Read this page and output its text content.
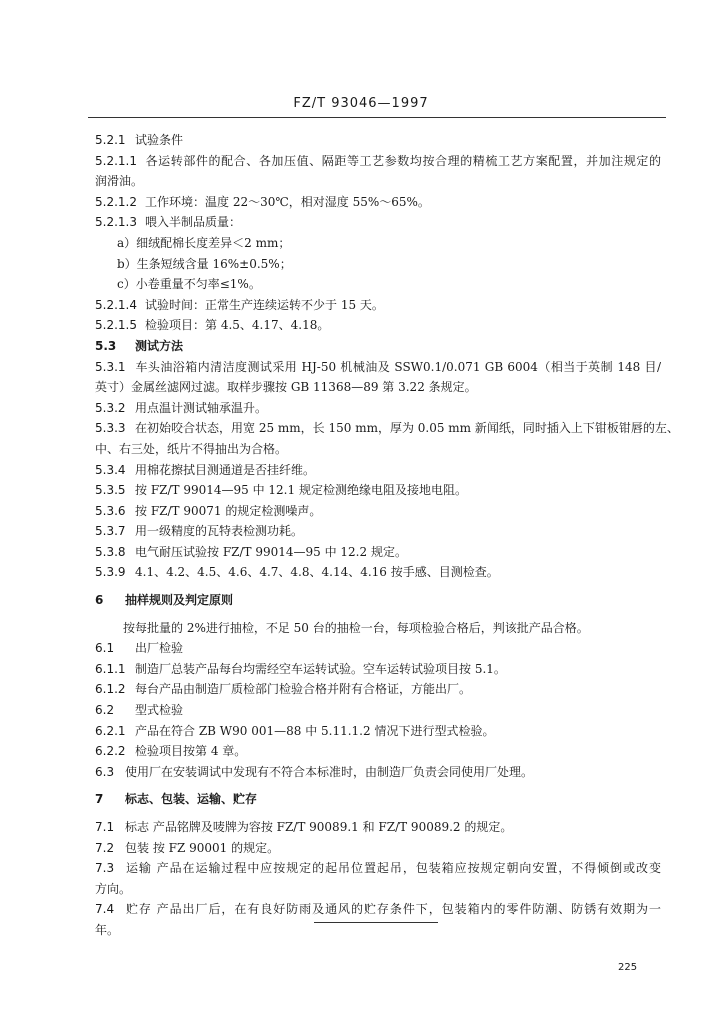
FZ/T 93046—1997
5.2.1 试验条件
5.2.1.1 各运转部件的配合、各加压值、隔距等工艺参数均按合理的精梳工艺方案配置，并加注规定的
润滑油。
5.2.1.2 工作环境：温度 22～30℃，相对湿度 55%～65%。
5.2.1.3 喂入半制品质量：
a）细绒配棉长度差异＜2 mm；
b）生条短绒含量 16%±0.5%；
c）小卷重量不匀率≤1%。
5.2.1.4 试验时间：正常生产连续运转不少于 15 天。
5.2.1.5 检验项目：第 4.5、4.17、4.18。
5.3 测试方法
5.3.1 车头油浴箱内清洁度测试采用 HJ-50 机械油及 SSW0.1/0.071 GB 6004（相当于英制 148 目/
英寸）金属丝滤网过滤。取样步骤按 GB 11368—89 第 3.22 条规定。
5.3.2 用点温计测试轴承温升。
5.3.3 在初始咬合状态，用宽 25 mm，长 150 mm，厚为 0.05 mm 新闻纸，同时插入上下钳板钳唇的左、
中、右三处，纸片不得抽出为合格。
5.3.4 用棉花擦拭目测通道是否挂纤维。
5.3.5 按 FZ/T 99014—95 中 12.1 规定检测绝缘电阻及接地电阻。
5.3.6 按 FZ/T 90071 的规定检测噪声。
5.3.7 用一级精度的瓦特表检测功耗。
5.3.8 电气耐压试验按 FZ/T 99014—95 中 12.2 规定。
5.3.9 4.1、4.2、4.5、4.6、4.7、4.8、4.14、4.16 按手感、目测检查。
6 抽样规则及判定原则
按每批量的 2%进行抽检，不足 50 台的抽检一台，每项检验合格后，判该批产品合格。
6.1 出厂检验
6.1.1 制造厂总装产品每台均需经空车运转试验。空车运转试验项目按 5.1。
6.1.2 每台产品由制造厂质检部门检验合格并附有合格证，方能出厂。
6.2 型式检验
6.2.1 产品在符合 ZB W90 001—88 中 5.11.1.2 情况下进行型式检验。
6.2.2 检验项目按第 4 章。
6.3 使用厂在安装调试中发现有不符合本标准时，由制造厂负责会同使用厂处理。
7 标志、包装、运输、贮存
7.1 标志 产品铭牌及唛牌为容按 FZ/T 90089.1 和 FZ/T 90089.2 的规定。
7.2 包装 按 FZ 90001 的规定。
7.3 运输 产品在运输过程中应按规定的起吊位置起吊，包装箱应按规定朝向安置，不得倾倒或改变
方向。
7.4 贮存 产品出厂后，在有良好防雨及通风的贮存条件下，包装箱内的零件防潮、防锈有效期为一
年。
225
